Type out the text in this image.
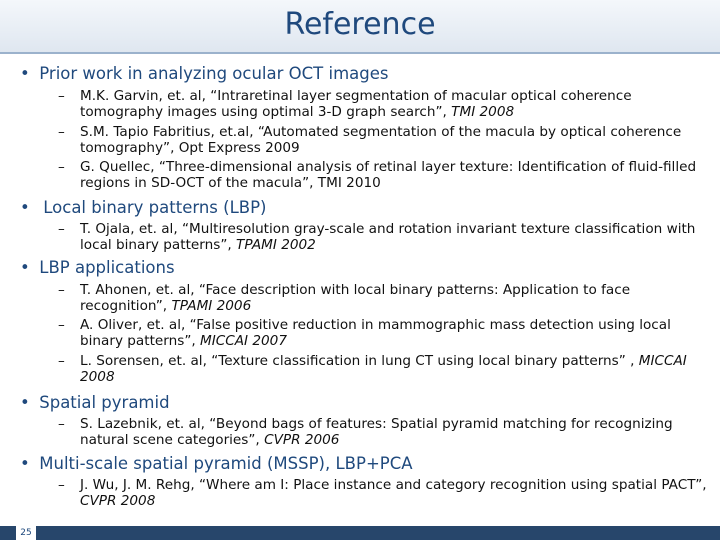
Reference
• Prior work in analyzing ocular OCT images
–	M.K. Garvin, et. al, “Intraretinal layer segmentation of macular optical coherence tomography images using optimal 3-D graph search”, TMI 2008
–	S.M. Tapio Fabritius, et.al, “Automated segmentation of the macula by optical coherence tomography”, Opt Express 2009
–	G. Quellec, “Three-dimensional analysis of retinal layer texture: Identification of fluid-filled regions in SD-OCT of the macula”, TMI 2010
• Local binary patterns (LBP)
–	T. Ojala, et. al, “Multiresolution gray-scale and rotation invariant texture classification with local binary patterns”, TPAMI 2002
• LBP applications
–	T. Ahonen, et. al, “Face description with local binary patterns: Application to face recognition”, TPAMI 2006
–	A. Oliver, et. al, “False positive reduction in mammographic mass detection using local binary patterns”, MICCAI 2007
–	L. Sorensen, et. al, “Texture classification in lung CT using local binary patterns” , MICCAI 2008
• Spatial pyramid
–	S. Lazebnik, et. al, “Beyond bags of features: Spatial pyramid matching for recognizing natural scene categories”, CVPR 2006
• Multi-scale spatial pyramid (MSSP), LBP+PCA
–	J. Wu, J. M. Rehg, “Where am I: Place instance and category recognition using spatial PACT”, CVPR 2008
25
